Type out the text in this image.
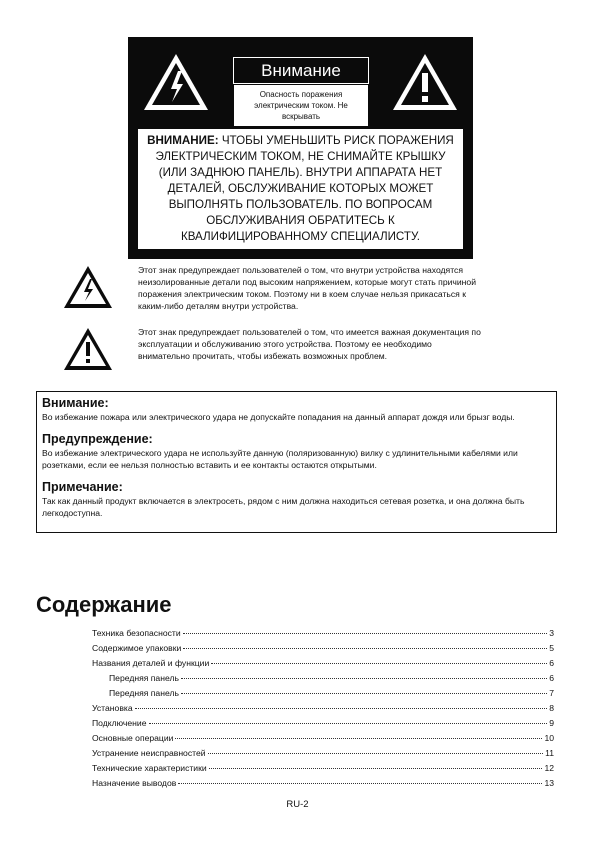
Внимание
Опасность поражения
электрическим током. Не вскрывать
ВНИМАНИЕ: ЧТОБЫ УМЕНЬШИТЬ РИСК ПОРАЖЕНИЯ ЭЛЕКТРИЧЕСКИМ ТОКОМ, НЕ СНИМАЙТЕ КРЫШКУ (ИЛИ ЗАДНЮЮ ПАНЕЛЬ). ВНУТРИ АППАРАТА НЕТ ДЕТАЛЕЙ, ОБСЛУЖИВАНИЕ КОТОРЫХ МОЖЕТ ВЫПОЛНЯТЬ ПОЛЬЗОВАТЕЛЬ. ПО ВОПРОСАМ ОБСЛУЖИВАНИЯ ОБРАТИТЕСЬ К КВАЛИФИЦИРОВАННОМУ СПЕЦИАЛИСТУ.
Этот знак предупреждает пользователей о том, что внутри устройства находятся неизолированные детали под высоким напряжением, которые могут стать причиной поражения электрическим током. Поэтому ни в коем случае нельзя прикасаться к каким-либо деталям внутри устройства.
Этот знак предупреждает пользователей о том, что имеется важная документация по эксплуатации и обслуживанию этого устройства. Поэтому ее необходимо внимательно прочитать, чтобы избежать возможных проблем.
Внимание:
Во избежание пожара или электрического удара не допускайте попадания на данный аппарат дождя или брызг воды.
Предупреждение:
Во избежание электрического удара не используйте данную (поляризованную) вилку с удлинительными кабелями или розетками, если ее нельзя полностью вставить и ее контакты остаются открытыми.
Примечание:
Так как данный продукт включается в электросеть, рядом с ним должна находиться сетевая розетка, и она должна быть легкодоступна.
Содержание
Техника безопасности	3
Содержимое упаковки	5
Названия деталей и функции	6
Передняя панель	6
Передняя панель	7
Установка	8
Подключение	9
Основные операции	10
Устранение неисправностей	11
Технические характеристики	12
Назначение выводов	13
RU-2
